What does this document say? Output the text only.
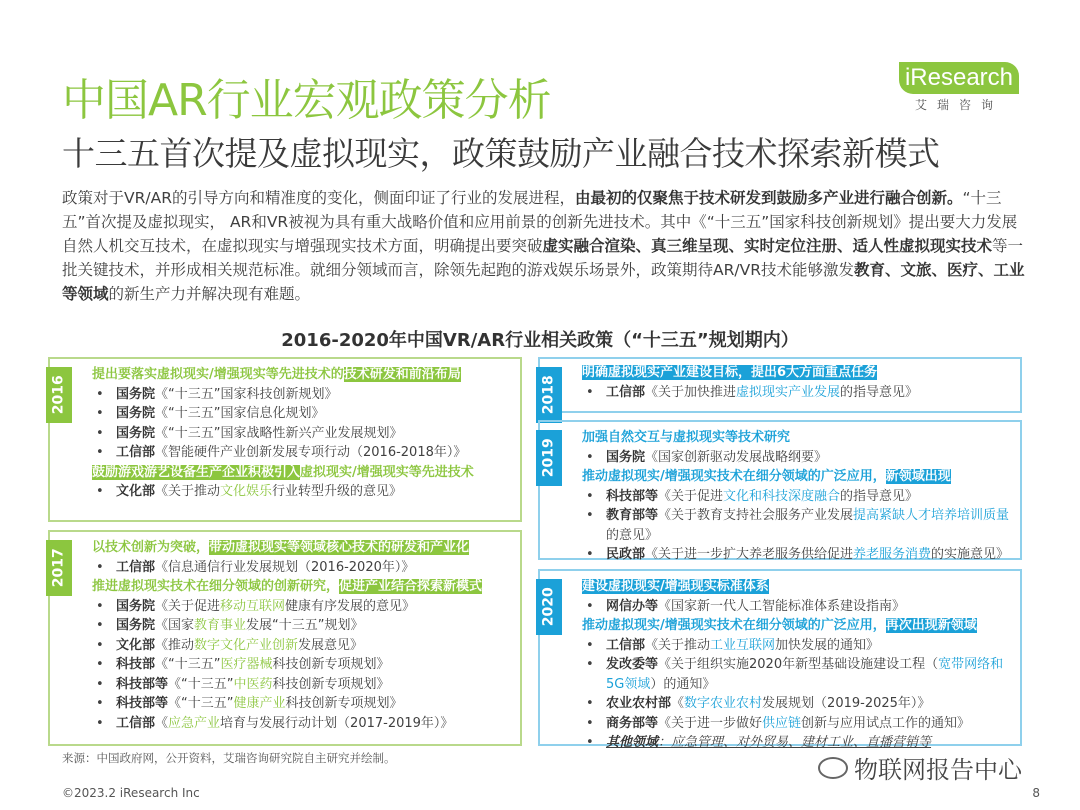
中国AR行业宏观政策分析	iResearch
艾瑞咨询
十三五首次提及虚拟现实，政策鼓励产业融合技术探索新模式
政策对于VR/AR的引导方向和精准度的变化，侧面印证了行业的发展进程，由最初的仅聚焦于技术研发到鼓励多产业进行融合创新。“十三五”首次提及虚拟现实， AR和VR被视为具有重大战略价值和应用前景的创新先进技术。其中《“十三五”国家科技创新规划》提出要大力发展自然人机交互技术，在虚拟现实与增强现实技术方面，明确提出要突破虚实融合渲染、真三维呈现、实时定位注册、适人性虚拟现实技术等一批关键技术，并形成相关规范标准。就细分领域而言，除领先起跑的游戏娱乐场景外，政策期待AR/VR技术能够激发教育、文旅、医疗、工业等领域的新生产力并解决现有难题。
2016-2020年中国VR/AR行业相关政策（“十三五”规划期内）
2016
提出要落实虚拟现实/增强现实等先进技术的技术研发和前沿布局
• 国务院《“十三五”国家科技创新规划》
• 国务院《“十三五”国家信息化规划》
• 国务院《“十三五”国家战略性新兴产业发展规划》
• 工信部《智能硬件产业创新发展专项行动（2016-2018年）》
鼓励游戏游艺设备生产企业积极引入虚拟现实/增强现实等先进技术
• 文化部《关于推动文化娱乐行业转型升级的意见》
2017
以技术创新为突破，带动虚拟现实等领域核心技术的研发和产业化
• 工信部《信息通信行业发展规划（2016-2020年）》
推进虚拟现实技术在细分领域的创新研究，促进产业结合探索新模式
• 国务院《关于促进移动互联网健康有序发展的意见》
• 国务院《国家教育事业发展“十三五”规划》
• 文化部《推动数字文化产业创新发展意见》
• 科技部《“十三五”医疗器械科技创新专项规划》
• 科技部等《“十三五”中医药科技创新专项规划》
• 科技部等《“十三五”健康产业科技创新专项规划》
• 工信部《应急产业培育与发展行动计划（2017-2019年）》
2018
明确虚拟现实产业建设目标，提出6大方面重点任务
• 工信部《关于加快推进虚拟现实产业发展的指导意见》
2019
加强自然交互与虚拟现实等技术研究
• 国务院《国家创新驱动发展战略纲要》
推动虚拟现实/增强现实技术在细分领域的广泛应用，新领域出现
• 科技部等《关于促进文化和科技深度融合的指导意见》
• 教育部等《关于教育支持社会服务产业发展提高紧缺人才培养培训质量的意见》
• 民政部《关于进一步扩大养老服务供给促进养老服务消费的实施意见》
2020
建设虚拟现实/增强现实标准体系
• 网信办等《国家新一代人工智能标准体系建设指南》
推动虚拟现实/增强现实技术在细分领域的广泛应用，再次出现新领域
• 工信部《关于推动工业互联网加快发展的通知》
• 发改委等《关于组织实施2020年新型基础设施建设工程（宽带网络和5G领域）的通知》
• 农业农村部《数字农业农村发展规划（2019-2025年）》
• 商务部等《关于进一步做好供应链创新与应用试点工作的通知》
• 其他领域：应急管理、对外贸易、建材工业、直播营销等
来源：中国政府网，公开资料，艾瑞咨询研究院自主研究并绘制。	物联网报告中心
©2023.2 iResearch Inc	8
